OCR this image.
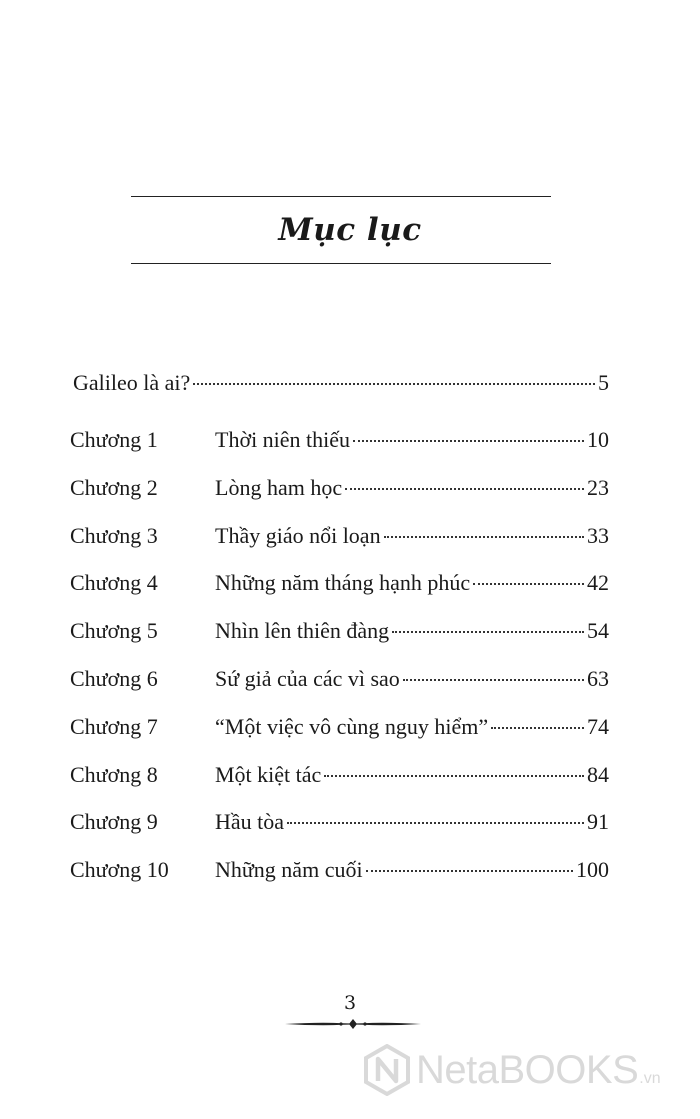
Mục lục
Galileo là ai?	5
Chương 1	Thời niên thiếu	10
Chương 2	Lòng ham học	23
Chương 3	Thầy giáo nổi loạn	33
Chương 4	Những năm tháng hạnh phúc	42
Chương 5	Nhìn lên thiên đàng	54
Chương 6	Sứ giả của các vì sao	63
Chương 7	“Một việc vô cùng nguy hiểm”	74
Chương 8	Một kiệt tác	84
Chương 9	Hầu tòa	91
Chương 10 Những năm cuối	100
3
NetaBOOKS .vn
